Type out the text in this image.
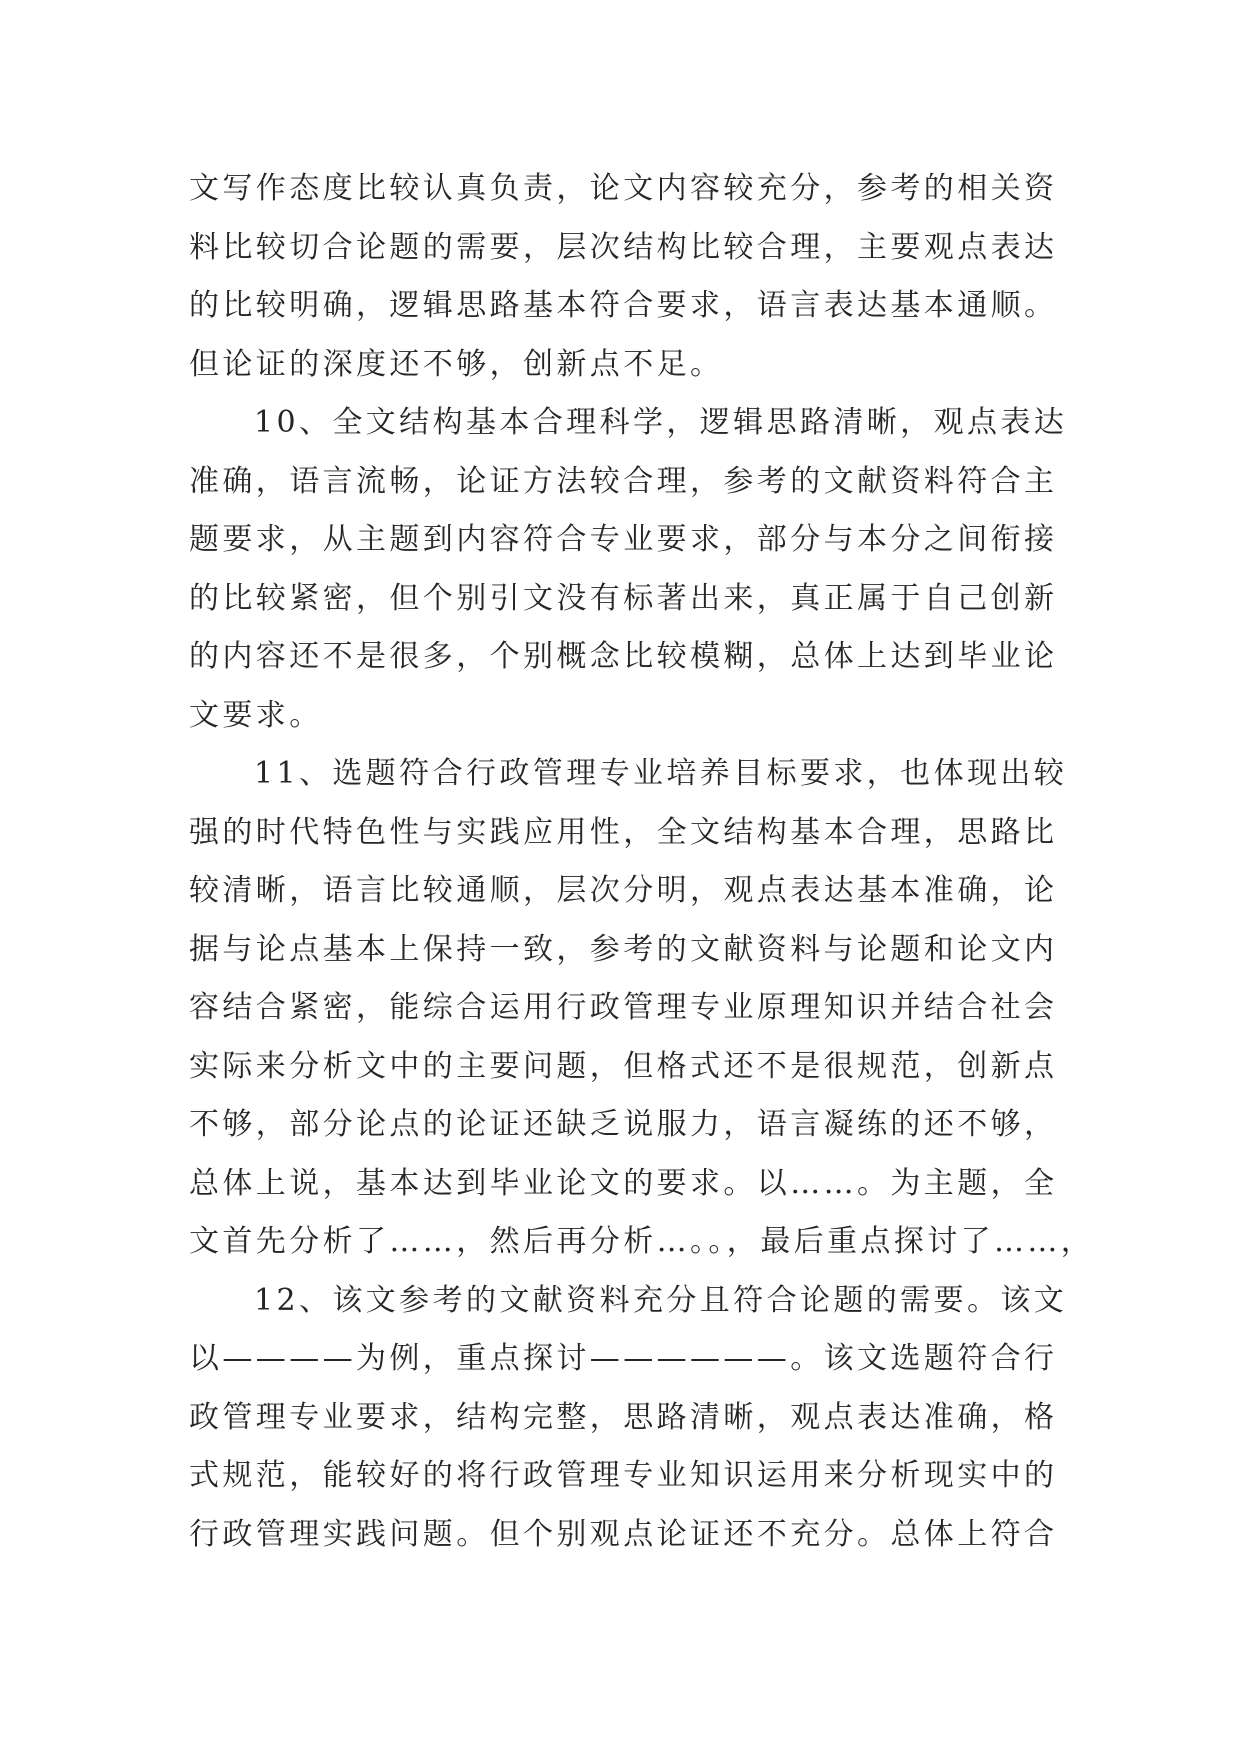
文写作态度比较认真负责，论文内容较充分，参考的相关资
料比较切合论题的需要，层次结构比较合理，主要观点表达
的比较明确，逻辑思路基本符合要求，语言表达基本通顺。
但论证的深度还不够，创新点不足。
10、全文结构基本合理科学，逻辑思路清晰，观点表达
准确，语言流畅，论证方法较合理，参考的文献资料符合主
题要求，从主题到内容符合专业要求，部分与本分之间衔接
的比较紧密，但个别引文没有标著出来，真正属于自己创新
的内容还不是很多，个别概念比较模糊，总体上达到毕业论
文要求。
11、选题符合行政管理专业培养目标要求，也体现出较
强的时代特色性与实践应用性，全文结构基本合理，思路比
较清晰，语言比较通顺，层次分明，观点表达基本准确，论
据与论点基本上保持一致，参考的文献资料与论题和论文内
容结合紧密，能综合运用行政管理专业原理知识并结合社会
实际来分析文中的主要问题，但格式还不是很规范，创新点
不够，部分论点的论证还缺乏说服力，语言凝练的还不够，
总体上说，基本达到毕业论文的要求。以……。为主题，全
文首先分析了……，然后再分析…。。，最后重点探讨了……，
12、该文参考的文献资料充分且符合论题的需要。该文
以————为例，重点探讨——————。该文选题符合行
政管理专业要求，结构完整，思路清晰，观点表达准确，格
式规范，能较好的将行政管理专业知识运用来分析现实中的
行政管理实践问题。但个别观点论证还不充分。总体上符合
